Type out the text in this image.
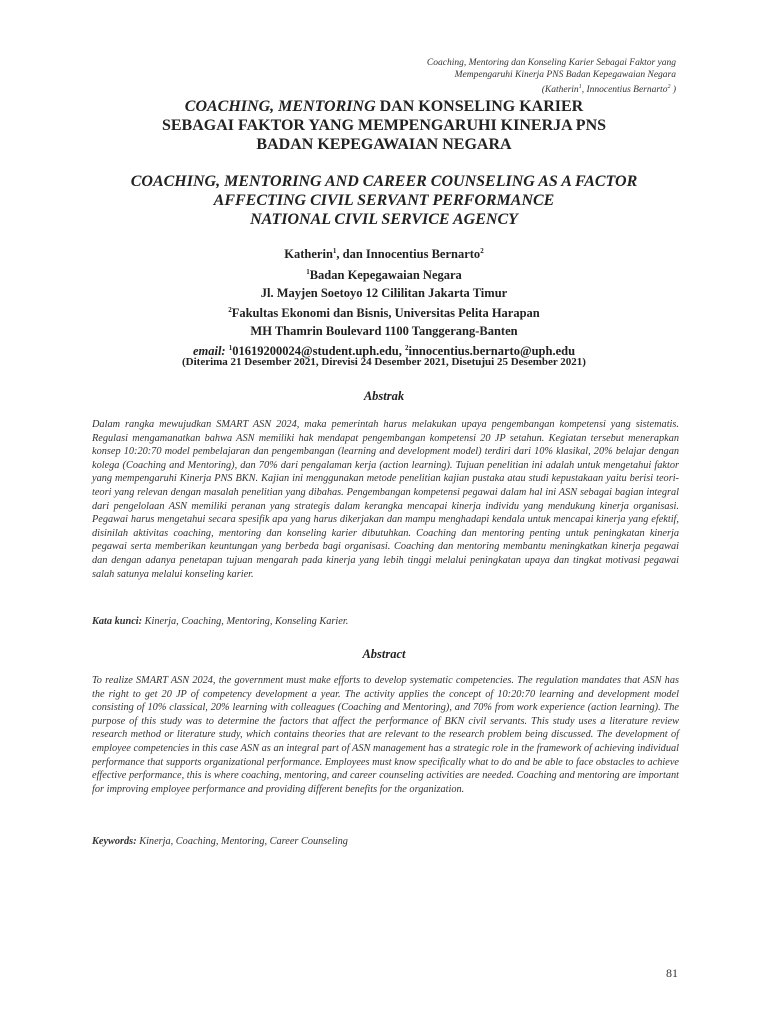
Coaching, Mentoring dan Konseling Karier Sebagai Faktor yang
Mempengaruhi Kinerja PNS Badan Kepegawaian Negara
(Katherin$^1$, Innocentius Bernarto$^2$ )
COACHING, MENTORING DAN KONSELING KARIER
SEBAGAI FAKTOR YANG MEMPENGARUHI KINERJA PNS
BADAN KEPEGAWAIAN NEGARA
COACHING, MENTORING AND CAREER COUNSELING AS A FACTOR
AFFECTING CIVIL SERVANT PERFORMANCE
NATIONAL CIVIL SERVICE AGENCY
Katherin$^1$, dan Innocentius Bernarto$^2$
$^1$Badan Kepegawaian Negara
Jl. Mayjen Soetoyo 12 Cililitan Jakarta Timur
$^2$Fakultas Ekonomi dan Bisnis, Universitas Pelita Harapan
MH Thamrin Boulevard 1100 Tanggerang-Banten
email: $^1$01619200024@student.uph.edu, $^2$innocentius.bernarto@uph.edu
(Diterima 21 Desember 2021, Direvisi 24 Desember 2021, Disetujui 25 Desember 2021)
Abstrak
Dalam rangka mewujudkan SMART ASN 2024, maka pemerintah harus melakukan upaya pengembangan kompetensi yang sistematis. Regulasi mengamanatkan bahwa ASN memiliki hak mendapat pengembangan kompetensi 20 JP setahun. Kegiatan tersebut menerapkan konsep 10:20:70 model pembelajaran dan pengembangan (learning and development model) terdiri dari 10% klasikal, 20% belajar dengan kolega (Coaching and Mentoring), dan 70% dari pengalaman kerja (action learning). Tujuan penelitian ini adalah untuk mengetahui faktor yang mempengaruhi Kinerja PNS BKN. Kajian ini menggunakan metode penelitian kajian pustaka atau studi kepustakaan yaitu berisi teori-teori yang relevan dengan masalah penelitian yang dibahas. Pengembangan kompetensi pegawai dalam hal ini ASN sebagai bagian integral dari pengelolaan ASN memiliki peranan yang strategis dalam kerangka mencapai kinerja individu yang mendukung kinerja organisasi. Pegawai harus mengetahui secara spesifik apa yang harus dikerjakan dan mampu menghadapi kendala untuk mencapai kinerja yang efektif, disinilah aktivitas coaching, mentoring dan konseling karier dibutuhkan. Coaching dan mentoring penting untuk peningkatan kinerja pegawai serta memberikan keuntungan yang berbeda bagi organisasi. Coaching dan mentoring membantu meningkatkan kinerja pegawai dan dengan adanya penetapan tujuan mengarah pada kinerja yang lebih tinggi melalui peningkatan upaya dan tingkat motivasi pegawai salah satunya melalui konseling karier.
Kata kunci: Kinerja, Coaching, Mentoring, Konseling Karier.
Abstract
To realize SMART ASN 2024, the government must make efforts to develop systematic competencies. The regulation mandates that ASN has the right to get 20 JP of competency development a year. The activity applies the concept of 10:20:70 learning and development model consisting of 10% classical, 20% learning with colleagues (Coaching and Mentoring), and 70% from work experience (action learning). The purpose of this study was to determine the factors that affect the performance of BKN civil servants. This study uses a literature review research method or literature study, which contains theories that are relevant to the research problem being discussed. The development of employee competencies in this case ASN as an integral part of ASN management has a strategic role in the framework of achieving individual performance that supports organizational performance. Employees must know specifically what to do and be able to face obstacles to achieve effective performance, this is where coaching, mentoring, and career counseling activities are needed. Coaching and mentoring are important for improving employee performance and providing different benefits for the organization.
Keywords: Kinerja, Coaching, Mentoring, Career Counseling
81
